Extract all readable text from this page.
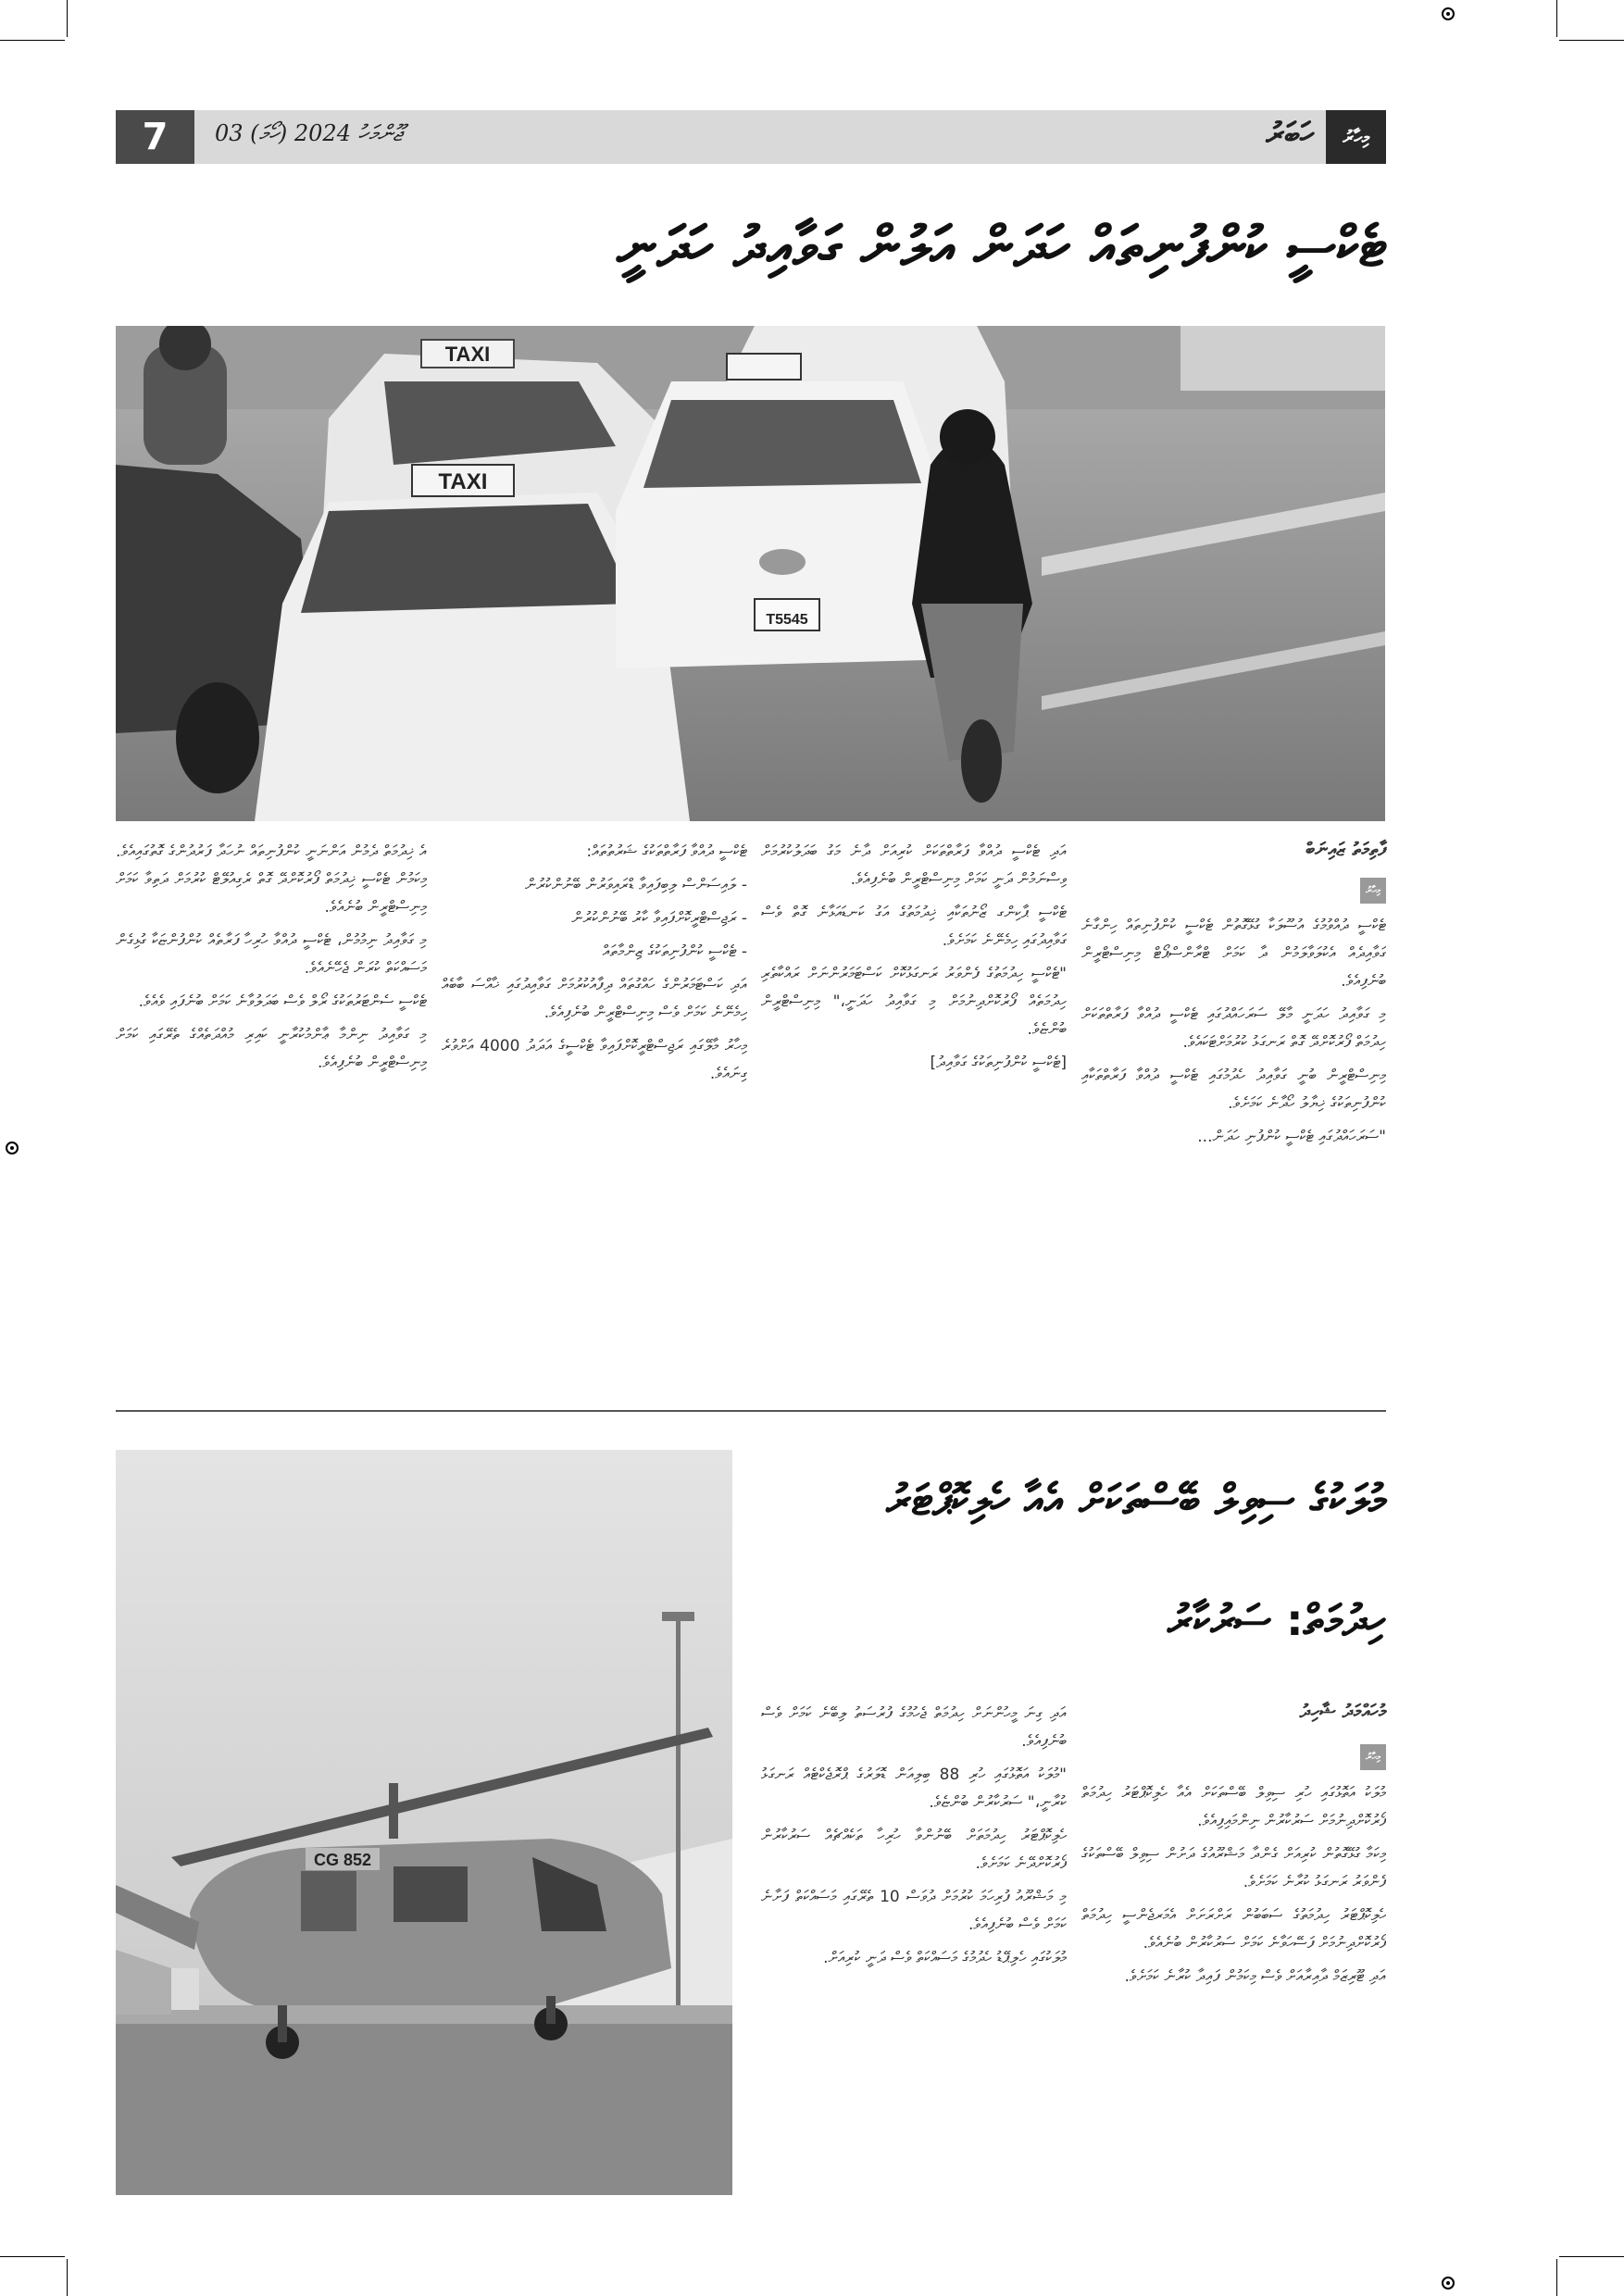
7	03 ޖޫންމަހު 2024 (ހޯމަ)	ހަބަރު	މިހާރު
ޓެކްސީ ކުންފުނިތައް ހަދަން އަލުން ގަވާއިދު ހަދަނީ
TAXI
TAXI
T5545
ފާތިމަތު ޒައިނަބް
މިހާރު

ޓެކްސީ ދުއްވުމުގެ އުސޫލަކާ ގުޅޭގޮތުން ޓެކްސީ ކުންފުނިތައް ހިންގާނެ ގަވާއިދެއް އެކުލަވާލަމުން ދާ ކަމަށް ޓްރާންސްޕޯޓް މިނިސްޓްރީން ބުނެފިއެވެ.

މި ގަވާއިދު ހަދަނީ މާލޭ ސަރަހައްދުގައި ޓެކްސީ ދުއްވާ ފަރާތްތަކަށް ހިދުމަތް ފޯރުކޮށްދޭ ގޮތް ރަނގަޅު ކުރުމަށްޓަކައެވެ.

މިނިސްޓްރީން ބުނީ ގަވާއިދު ހެދުމުގައި ޓެކްސީ ދުއްވާ ފަރާތްތަކާއި ކުންފުނިތަކުގެ ޚިޔާލު ހޯދާނެ ކަމަށެވެ.

"ސަރަހައްދުގައި ޓެކްސީ ކުންފުނި ހަދަން...

އަދި ޓެކްސީ ދުއްވާ ފަރާތްތަކަށް ކުރިއަށް ދާނެ މަގު ބަދަލުކުރުމަށް ވިސްނަމުން ދަނީ ކަމަށް މިނިސްޓްރީން ބުނެފިއެވެ.

ޓެކްސީ ޕާކިންގ ޒޯނުތަކާއި ޚިދުމަތުގެ އަގު ކަނޑައަޅާނެ ގޮތް ވެސް ގަވާއިދުގައި ހިމެނޭނެ ކަމަށެވެ.

"ޓެކްސީ ހިދުމަތުގެ ފެންވަރު ރަނގަޅުކޮށް ކަސްޓަމަރުންނަށް ރައްކާތެރި ހިދުމަތެއް ފޯރުކޮށްދިނުމަށް މި ގަވާއިދު ހަދަނީ،" މިނިސްޓްރީން ބުންޏެވެ.

[ޓެކްސީ ކުންފުނިތަކުގެ ގަވާއިދު]

ޓެކްސީ ދުއްވާ ފަރާތްތަކުގެ ޝަރުތުތައް:

- ލައިސަންސް ލިބިފައިވާ ޑްރައިވަރުން ބޭނުންކުރުން

- ރަޖިސްޓްރީކޮށްފައިވާ ކާރު ބޭނުންކުރުން

- ޓެކްސީ ކުންފުނިތަކުގެ ޒިންމާތައް

އަދި ކަސްޓަމަރުންގެ ހައްގުތައް ދިފާއުކުރުމަށް ގަވާއިދުގައި ޚާއްސަ ބާބެއް ހިމެނޭނެ ކަމަށް ވެސް މިނިސްޓްރީން ބުނެފިއެވެ.

މިހާރު މާލޭގައި ރަޖިސްޓްރީކޮށްފައިވާ ޓެކްސީގެ އަދަދު 4000 އަށްވުރެ ގިނައެވެ.

އެ ޚިދުމަތް ދެމުން އަންނަނީ ކުންފުނިތައް ނުހަދާ ފަރުދުންގެ ގޮތުގައިއެވެ. މިކަމުން ޓެކްސީ ޚިދުމަތް ފޯރުކޮށްދޭ ގޮތް ރެގިއުލޭޓް ކުރުމަށް ދަތިވާ ކަމަށް މިނިސްޓްރީން ބުނެއެވެ.

މި ގަވާއިދު ނިމުމުން، ޓެކްސީ ދުއްވާ ހުރިހާ ފަރާތެއް ކުންފުންޏަކާ ގުޅިގެން މަސައްކަތް ކުރަން ޖެހޭނެއެވެ.

ޓެކްސީ ސެންޓަރުތަކުގެ ރޯލް ވެސް ބަދަލުވާނެ ކަމަށް ބުނެފައި ވެއެވެ.

މި ގަވާއިދު ނިންމާ ޢާންމުކުރާނީ ކައިރި މުއްދަތެއްގެ ތެރޭގައި ކަމަށް މިނިސްޓްރީން ބުނެފިއެވެ.

މުލަކުގެ ސިވިލް ބޭސްތަކަށް އެއާ ހެލިކޮޕްޓަރު
ހިދުމަތް: ސަރުކާރު
CG 852
މުހައްމަދު ޝާހިދު
މިހާރު

މުލަކު އަތޮޅުގައި ހުރި ސިވިލް ބޭސްތަކަށް އެއާ ހެލިކޮޕްޓަރު ހިދުމަތް ފޯރުކޮށްދިނުމަށް ސަރުކާރުން ނިންމައިފިއެވެ.

މިކަމާ ގުޅޭގޮތުން ކުރިއަށް ގެންދާ މަޝްރޫއުގެ ދަށުން ސިވިލް ބޭސްތަކުގެ ފެންވަރު ރަނގަޅު ކުރާނެ ކަމަށެވެ.

ހެލިކޮޕްޓަރު ހިދުމަތުގެ ސަބަބުން ރަށްރަށަށް އެމަރޖެންސީ ހިދުމަތް ފޯރުކޮށްދިނުމަށް ފަސޭހަވާނެ ކަމަށް ސަރުކާރުން ބުނެއެވެ.

އަދި ޓޫރިޒަމް ދާއިރާއަށް ވެސް މިކަމުން ފައިދާ ކުރާނެ ކަމަށެވެ.

އަދި ގިނަ މީހުންނަށް ހިދުމަތް ޖެހުމުގެ ފުރުސަތު ލިބޭނެ ކަމަށް ވެސް ބުނެފިއެވެ.

"މުލަކު އަތޮޅުގައި ހުރި 88 ބިލިއަން ޑޮލަރުގެ ޕްރޮޖެކްޓެއް ރަނގަޅު ކުރާނީ،" ސަރުކާރުން ބުންޏެވެ.

ހެލިކޮޕްޓަރު ހިދުމަތަށް ބޭނުންވާ ހުރިހާ ތަކެއްޗެއް ސަރުކާރުން ފޯރުކޮށްދޭނެ ކަމަށެވެ.

މި މަޝްރޫއު ފުރިހަމަ ކުރުމަށް ދުވަސް 10 ތެރޭގައި މަސައްކަތް ފަށާނެ ކަމަށް ވެސް ބުނެފިއެވެ.

މުލަކުގައި ހެލިޕޭޑު ހެދުމުގެ މަސައްކަތް ވެސް ދަނީ ކުރިއަށް.
